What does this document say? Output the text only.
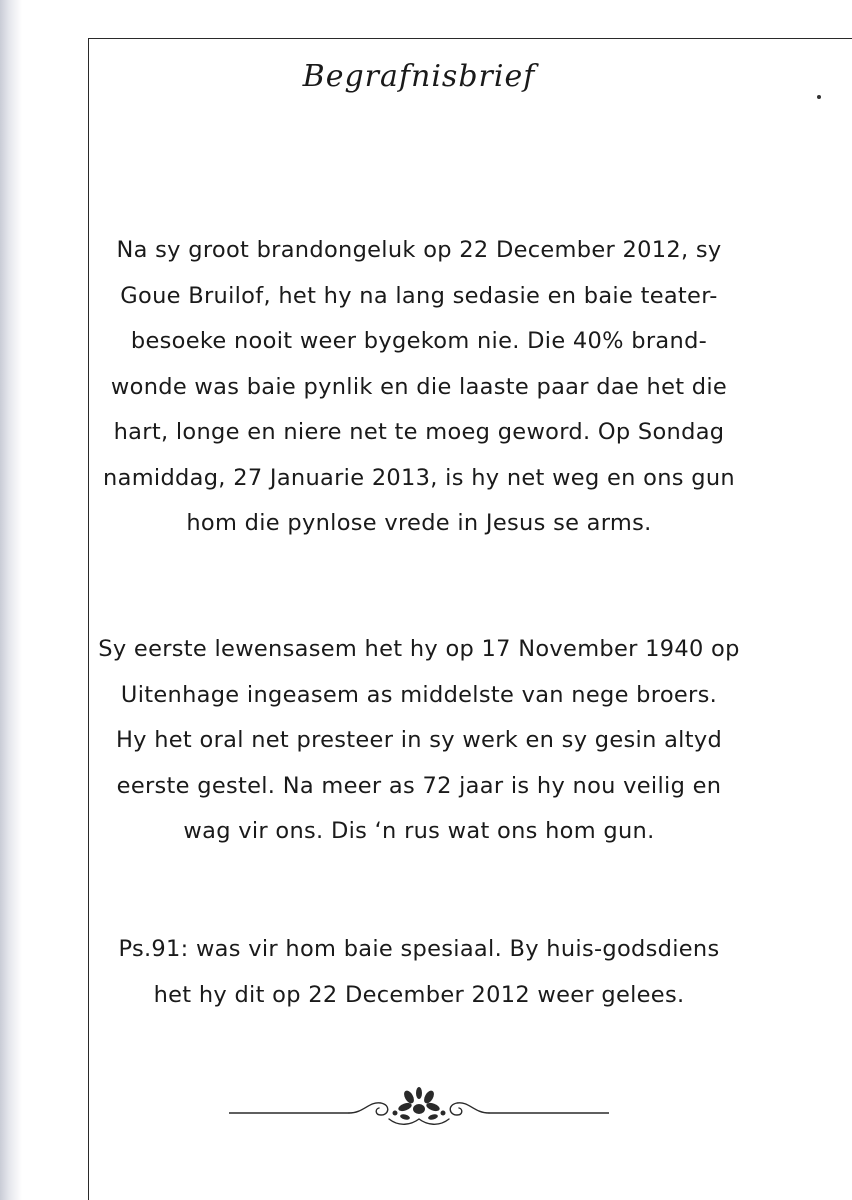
Begrafnisbrief
Na sy groot brandongeluk op 22 December 2012, sy
Goue Bruilof, het hy na lang sedasie en baie teater-
besoeke nooit weer bygekom nie. Die 40% brand-
wonde was baie pynlik en die laaste paar dae het die
hart, longe en niere net te moeg geword. Op Sondag
namiddag, 27 Januarie 2013, is hy net weg en ons gun
hom die pynlose vrede in Jesus se arms.
Sy eerste lewensasem het hy op 17 November 1940 op
Uitenhage ingeasem as middelste van nege broers.
Hy het oral net presteer in sy werk en sy gesin altyd
eerste gestel. Na meer as 72 jaar is hy nou veilig en
wag vir ons. Dis ‘n rus wat ons hom gun.
Ps.91: was vir hom baie spesiaal. By huis-godsdiens
het hy dit op 22 December 2012 weer gelees.
